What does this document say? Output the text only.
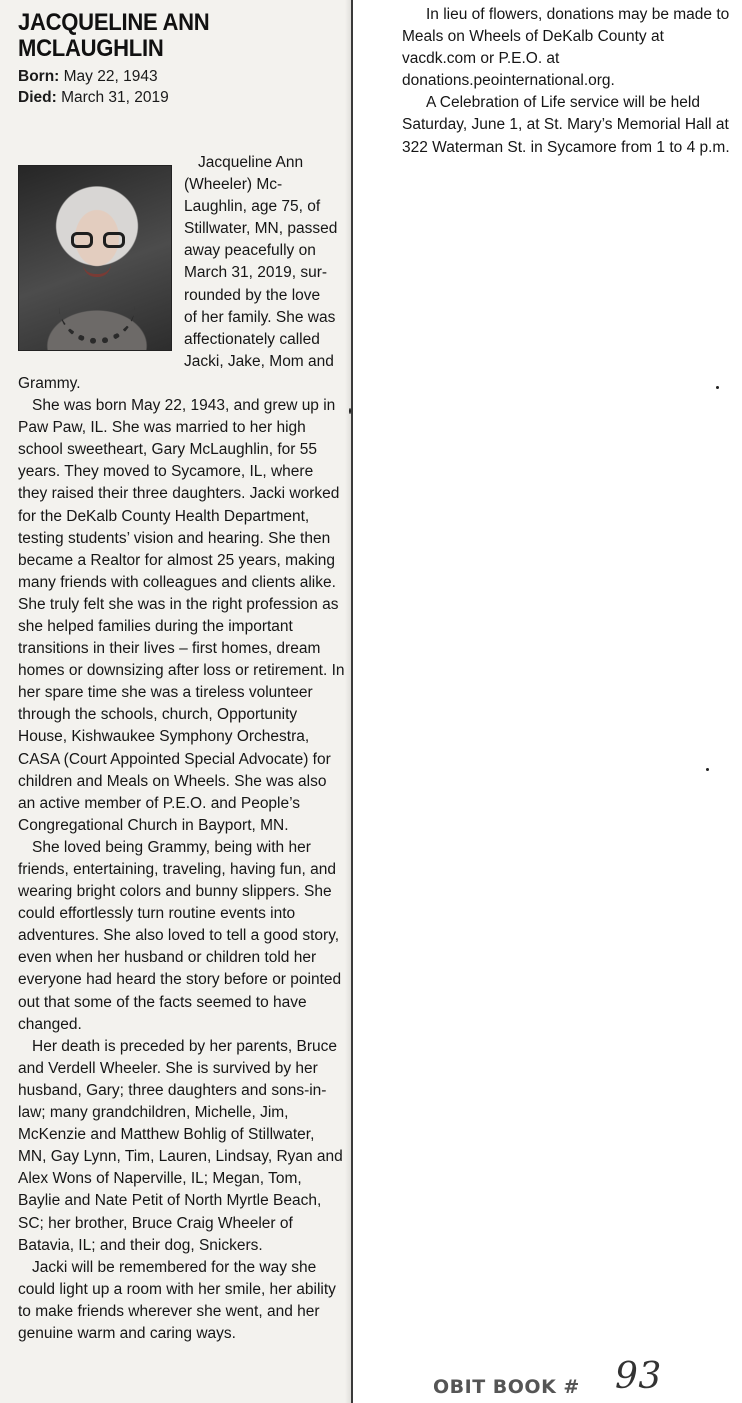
JACQUELINE ANN
MCLAUGHLIN
Born: May 22, 1943
Died: March 31, 2019
Jacqueline Ann
(Wheeler) Mc-
Laughlin, age 75, of
Stillwater, MN, passed
away peacefully on
March 31, 2019, sur-
rounded by the love
of her family. She was
affectionately called
Jacki, Jake, Mom and

Grammy.

She was born May 22, 1943, and grew up in Paw Paw, IL. She was married to her high school sweetheart, Gary McLaughlin, for 55 years. They moved to Sycamore, IL, where they raised their three daughters. Jacki worked for the DeKalb County Health Department, testing students’ vision and hearing. She then became a Realtor for almost 25 years, making many friends with colleagues and clients alike. She truly felt she was in the right profession as she helped families during the important transitions in their lives – first homes, dream homes or downsizing after loss or retirement. In her spare time she was a tireless volunteer through the schools, church, Opportunity House, Kishwaukee Symphony Orchestra, CASA (Court Appointed Special Advocate) for children and Meals on Wheels. She was also an active member of P.E.O. and People’s Congregational Church in Bayport, MN.

She loved being Grammy, being with her friends, entertaining, traveling, having fun, and wearing bright colors and bunny slippers. She could effortlessly turn routine events into adventures. She also loved to tell a good story, even when her husband or children told her everyone had heard the story before or pointed out that some of the facts seemed to have changed.

Her death is preceded by her parents, Bruce and Verdell Wheeler. She is survived by her husband, Gary; three daughters and sons-in-law; many grandchildren, Michelle, Jim, McKenzie and Matthew Bohlig of Stillwater, MN, Gay Lynn, Tim, Lauren, Lindsay, Ryan and Alex Wons of Naperville, IL; Megan, Tom, Baylie and Nate Petit of North Myrtle Beach, SC; her brother, Bruce Craig Wheeler of Batavia, IL; and their dog, Snickers.

Jacki will be remembered for the way she could light up a room with her smile, her ability to make friends wherever she went, and her genuine warm and caring ways.

In lieu of flowers, donations may be made to Meals on Wheels of DeKalb County at vacdk.com or P.E.O. at donations.peointernational.org.

A Celebration of Life service will be held Saturday, June 1, at St. Mary’s Memorial Hall at 322 Waterman St. in Sycamore from 1 to 4 p.m.

OBIT BOOK # 93
